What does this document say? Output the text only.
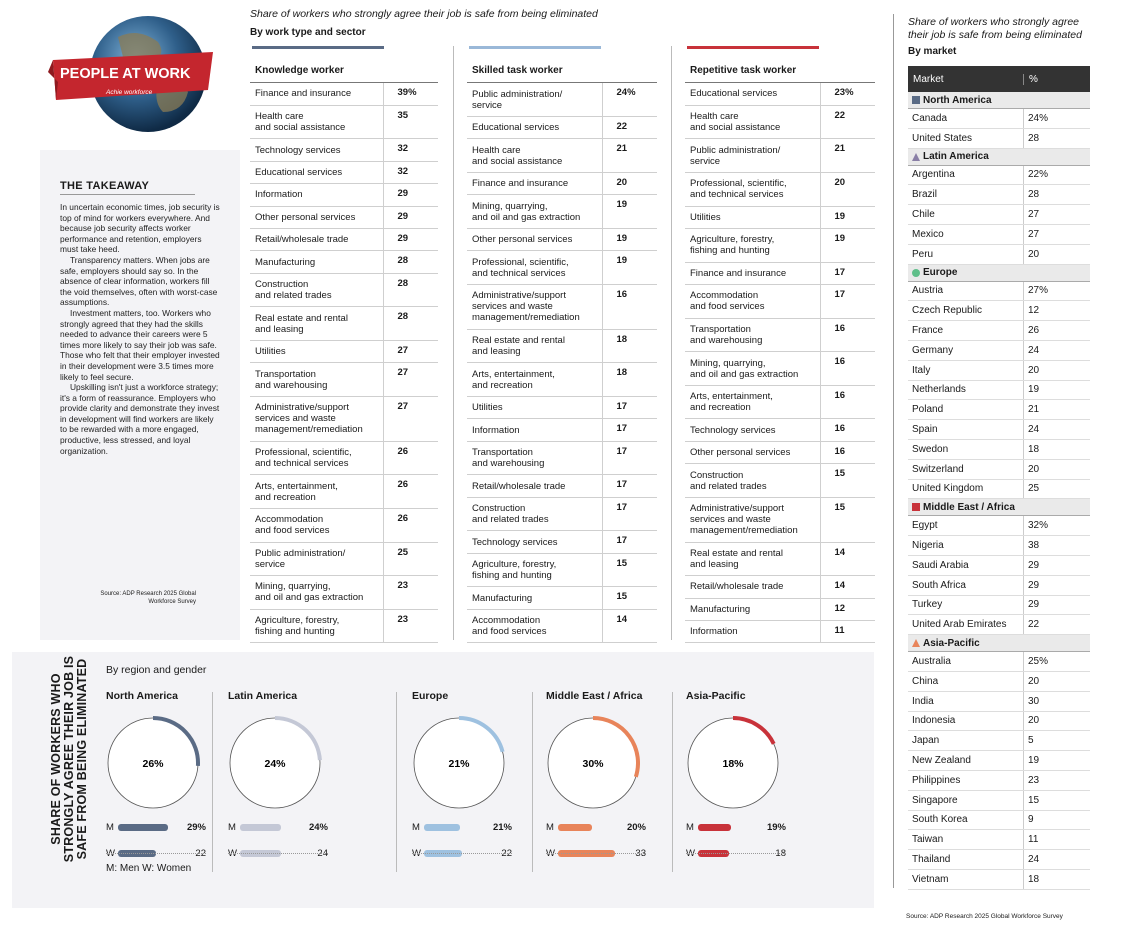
PEOPLE AT WORK
Achie workforce
THE TAKEAWAY

In uncertain economic times, job security is top of mind for workers everywhere. And because job security affects worker performance and retention, employers must take heed.

Transparency matters. When jobs are safe, employers should say so. In the absence of clear information, workers fill the void themselves, often with worst-case assumptions.

Investment matters, too. Workers who strongly agreed that they had the skills needed to advance their careers were 5 times more likely to say their job was safe. Those who felt that their employer invested in their development were 3.5 times more likely to feel secure.

Upskilling isn't just a workforce strategy; it's a form of reassurance. Employers who provide clarity and demonstrate they invest in development will find workers are likely to be rewarded with a more engaged, productive, less stressed, and loyal organization.

Source: ADP Research 2025 Global Workforce Survey
Share of workers who strongly agree their job is safe from being eliminated
By work type and sector
Knowledge worker
Finance and insurance	39%
Health care
and social assistance	35
Technology services	32
Educational services	32
Information	29
Other personal services	29
Retail/wholesale trade	29
Manufacturing	28
Construction
and related trades	28
Real estate and rental
and leasing	28
Utilities	27
Transportation
and warehousing	27
Administrative/support
services and waste
management/remediation	27
Professional, scientific,
and technical services	26
Arts, entertainment,
and recreation	26
Accommodation
and food services	26
Public administration/
service	25
Mining, quarrying,
and oil and gas extraction	23
Agriculture, forestry,
fishing and hunting	23
Skilled task worker
Public administration/
service	24%
Educational services	22
Health care
and social assistance	21
Finance and insurance	20
Mining, quarrying,
and oil and gas extraction	19
Other personal services	19
Professional, scientific,
and technical services	19
Administrative/support
services and waste
management/remediation	16
Real estate and rental
and leasing	18
Arts, entertainment,
and recreation	18
Utilities	17
Information	17
Transportation
and warehousing	17
Retail/wholesale trade	17
Construction
and related trades	17
Technology services	17
Agriculture, forestry,
fishing and hunting	15
Manufacturing	15
Accommodation
and food services	14
Repetitive task worker
Educational services	23%
Health care
and social assistance	22
Public administration/
service	21
Professional, scientific,
and technical services	20
Utilities	19
Agriculture, forestry,
fishing and hunting	19
Finance and insurance	17
Accommodation
and food services	17
Transportation
and warehousing	16
Mining, quarrying,
and oil and gas extraction	16
Arts, entertainment,
and recreation	16
Technology services	16
Other personal services	16
Construction
and related trades	15
Administrative/support
services and waste
management/remediation	15
Real estate and rental
and leasing	14
Retail/wholesale trade	14
Manufacturing	12
Information	11
Share of workers who strongly agree their job is safe from being eliminated
By market
Market	%
North America
Canada	24%
United States	28
Latin America
Argentina	22%
Brazil	28
Chile	27
Mexico	27
Peru	20
Europe
Austria	27%
Czech Republic	12
France	26
Germany	24
Italy	20
Netherlands	19
Poland	21
Spain	24
Swedon	18
Switzerland	20
United Kingdom	25
Middle East / Africa
Egypt	32%
Nigeria	38
Saudi Arabia	29
South Africa	29
Turkey	29
United Arab Emirates	22
Asia-Pacific
Australia	25%
China	20
India	30
Indonesia	20
Japan	5
New Zealand	19
Philippines	23
Singapore	15
South Korea	9
Taiwan	11
Thailand	24
Vietnam	18
Source: ADP Research 2025 Global Workforce Survey
SHARE OF WORKERS WHO STRONGLY AGREE THEIR JOB IS SAFE FROM BEING ELIMINATED By region and gender
North America
26%
M	29%
W	22
Latin America
24%
M	24%
W	24
Europe
21%
M	21%
W	22
Middle East / Africa
30%
M	20%
W	33
Asia-Pacific
18%
M	19%
W	18
M: Men W: Women
